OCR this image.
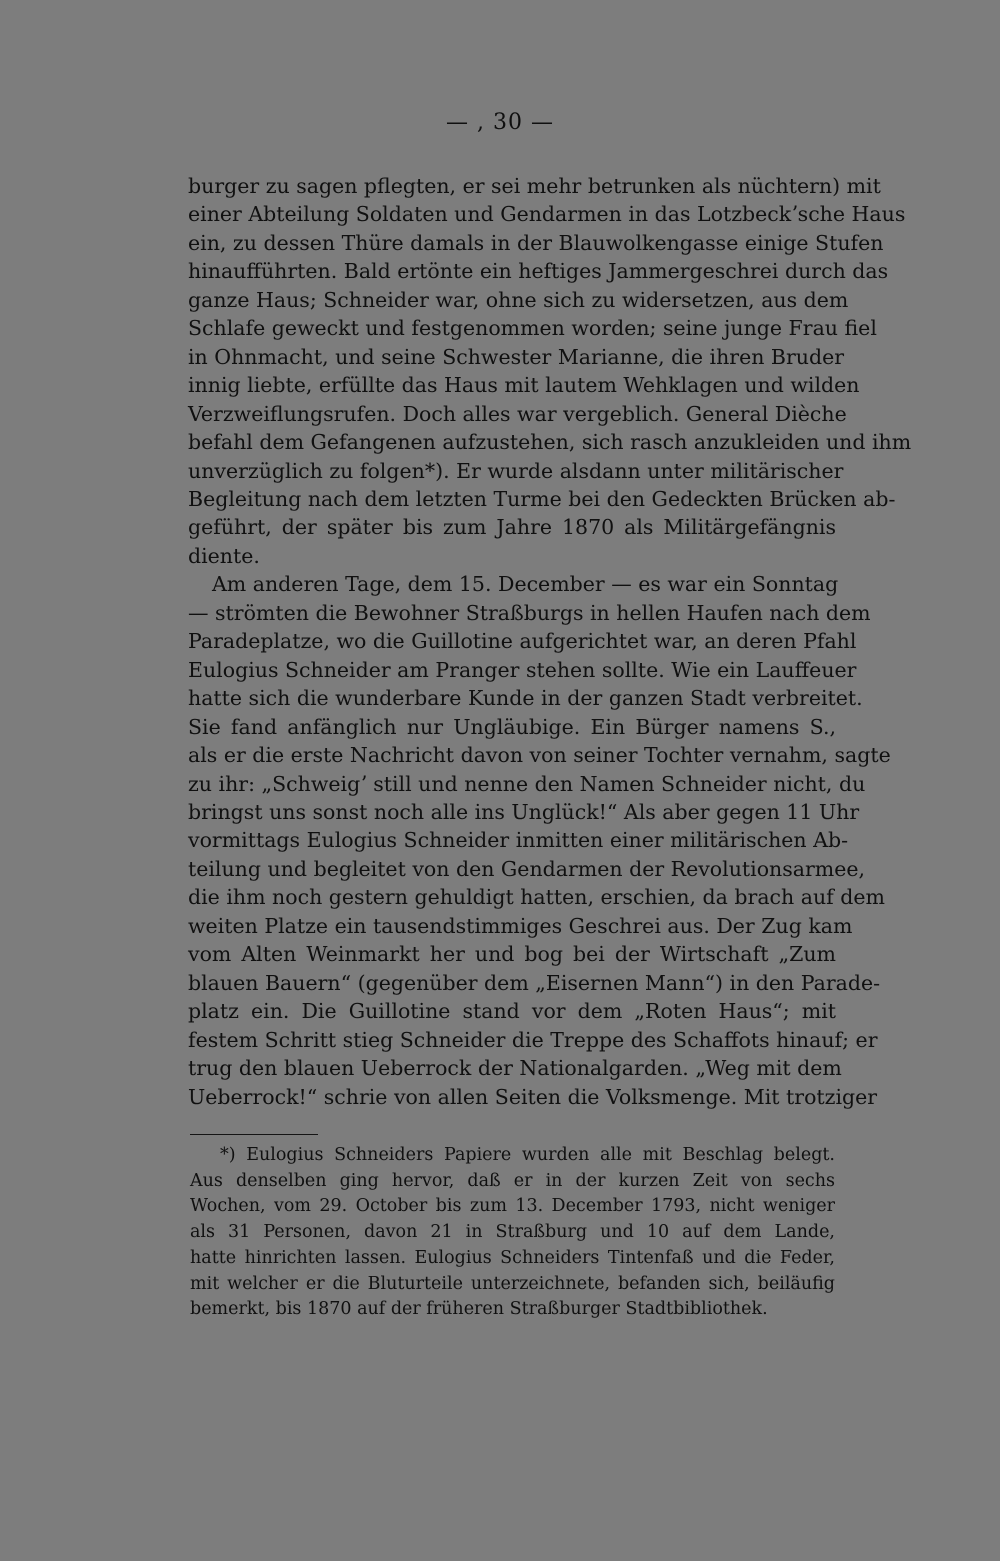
— , 30 —
burger zu sagen pflegten, er sei mehr betrunken als nüchtern) mit
einer Abteilung Soldaten und Gendarmen in das Lotzbeckʼsche Haus
ein, zu dessen Thüre damals in der Blauwolkengasse einige Stufen
hinaufführten. Bald ertönte ein heftiges Jammergeschrei durch das
ganze Haus; Schneider war, ohne sich zu widersetzen, aus dem
Schlafe geweckt und festgenommen worden; seine junge Frau fiel
in Ohnmacht, und seine Schwester Marianne, die ihren Bruder
innig liebte, erfüllte das Haus mit lautem Wehklagen und wilden
Verzweiflungsrufen. Doch alles war vergeblich. General Dièche
befahl dem Gefangenen aufzustehen, sich rasch anzukleiden und ihm
unverzüglich zu folgen*). Er wurde alsdann unter militärischer
Begleitung nach dem letzten Turme bei den Gedeckten Brücken ab-
geführt, der später bis zum Jahre 1870 als Militärgefängnis
diente.
Am anderen Tage, dem 15. December — es war ein Sonntag
— strömten die Bewohner Straßburgs in hellen Haufen nach dem
Paradeplatze, wo die Guillotine aufgerichtet war, an deren Pfahl
Eulogius Schneider am Pranger stehen sollte. Wie ein Lauffeuer
hatte sich die wunderbare Kunde in der ganzen Stadt verbreitet.
Sie fand anfänglich nur Ungläubige. Ein Bürger namens S.,
als er die erste Nachricht davon von seiner Tochter vernahm, sagte
zu ihr: „Schweigʼ still und nenne den Namen Schneider nicht, du
bringst uns sonst noch alle ins Unglück!“ Als aber gegen 11 Uhr
vormittags Eulogius Schneider inmitten einer militärischen Ab-
teilung und begleitet von den Gendarmen der Revolutionsarmee,
die ihm noch gestern gehuldigt hatten, erschien, da brach auf dem
weiten Platze ein tausendstimmiges Geschrei aus. Der Zug kam
vom Alten Weinmarkt her und bog bei der Wirtschaft „Zum
blauen Bauern“ (gegenüber dem „Eisernen Mann“) in den Parade-
platz ein. Die Guillotine stand vor dem „Roten Haus“; mit
festem Schritt stieg Schneider die Treppe des Schaffots hinauf; er
trug den blauen Ueberrock der Nationalgarden. „Weg mit dem
Ueberrock!“ schrie von allen Seiten die Volksmenge. Mit trotziger
*) Eulogius Schneiders Papiere wurden alle mit Beschlag belegt.
Aus denselben ging hervor, daß er in der kurzen Zeit von sechs
Wochen, vom 29. October bis zum 13. December 1793, nicht weniger
als 31 Personen, davon 21 in Straßburg und 10 auf dem Lande,
hatte hinrichten lassen. Eulogius Schneiders Tintenfaß und die Feder,
mit welcher er die Bluturteile unterzeichnete, befanden sich, beiläufig
bemerkt, bis 1870 auf der früheren Straßburger Stadtbibliothek.
